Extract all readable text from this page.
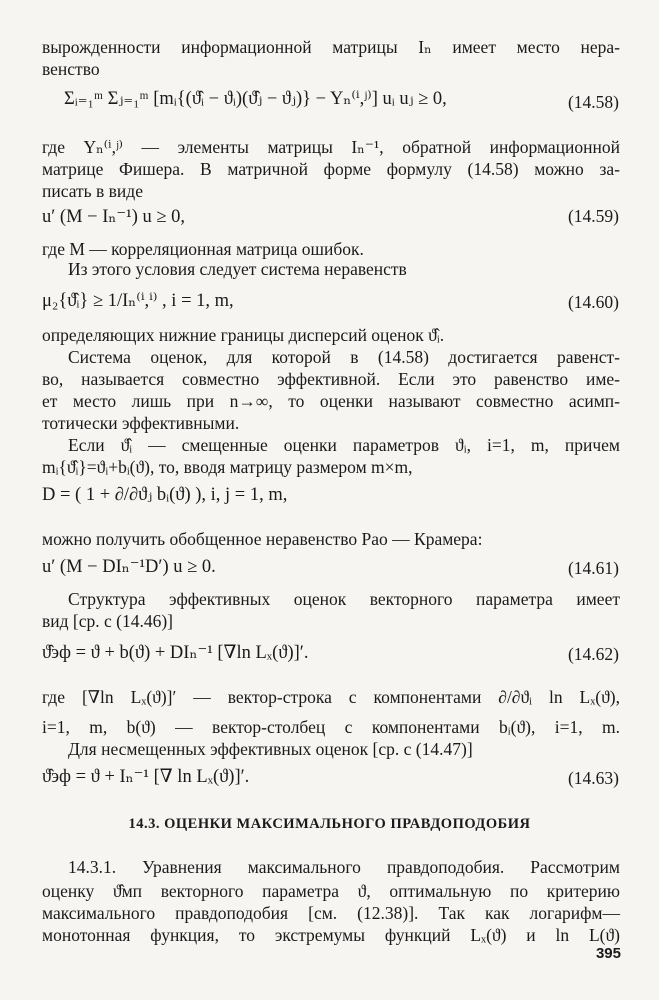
вырожденности информационной матрицы Iₙ имеет место нера-
венство
Σᵢ₌₁ᵐ Σⱼ₌₁ᵐ [mᵢ{(ϑ̂ᵢ − ϑᵢ)(ϑ̂ⱼ − ϑⱼ)} − Yₙ⁽ⁱ,ʲ⁾] uᵢ uⱼ ≥ 0,	(14.58)
где Yₙ⁽ⁱ,ʲ⁾ — элементы матрицы Iₙ⁻¹, обратной информационной
матрице Фишера. В матричной форме формулу (14.58) можно за-
писать в виде
u′ (M − Iₙ⁻¹) u ≥ 0,	(14.59)
где M — корреляционная матрица ошибок.
Из этого условия следует система неравенств
μ₂{ϑ̂ᵢ} ≥ 1/Iₙ⁽ⁱ,ⁱ⁾ , i = 1, m,	(14.60)
определяющих нижние границы дисперсий оценок ϑ̂ᵢ.
Система оценок, для которой в (14.58) достигается равенст-
во, называется совместно эффективной. Если это равенство име-
ет место лишь при n→∞, то оценки называют совместно асимп-
тотически эффективными.
Если ϑ̂ᵢ — смещенные оценки параметров ϑᵢ, i=1, m, причем
mᵢ{ϑ̂ᵢ}=ϑᵢ+bᵢ(ϑ), то, вводя матрицу размером m×m,
D = ( 1 + ∂/∂ϑⱼ bᵢ(ϑ) ), i, j = 1, m,
можно получить обобщенное неравенство Рао — Крамера:
u′ (M − DIₙ⁻¹D′) u ≥ 0.	(14.61)
Структура эффективных оценок векторного параметра имеет
вид [ср. с (14.46)]
ϑ̂эф = ϑ + b(ϑ) + DIₙ⁻¹ [∇ln Lₓ(ϑ)]′.	(14.62)
где [∇ln Lₓ(ϑ)]′ — вектор-строка с компонентами ∂/∂ϑᵢ ln Lₓ(ϑ),
i=1, m, b(ϑ) — вектор-столбец с компонентами bᵢ(ϑ), i=1, m.
Для несмещенных эффективных оценок [ср. с (14.47)]
ϑ̂эф = ϑ + Iₙ⁻¹ [∇ ln Lₓ(ϑ)]′.	(14.63)
14.3. ОЦЕНКИ МАКСИМАЛЬНОГО ПРАВДОПОДОБИЯ
14.3.1. Уравнения максимального правдоподобия. Рассмотрим
оценку ϑ̂мп векторного параметра ϑ, оптимальную по критерию
максимального правдоподобия [см. (12.38)]. Так как логарифм—
монотонная функция, то экстремумы функций Lₓ(ϑ) и ln L(ϑ)
395
